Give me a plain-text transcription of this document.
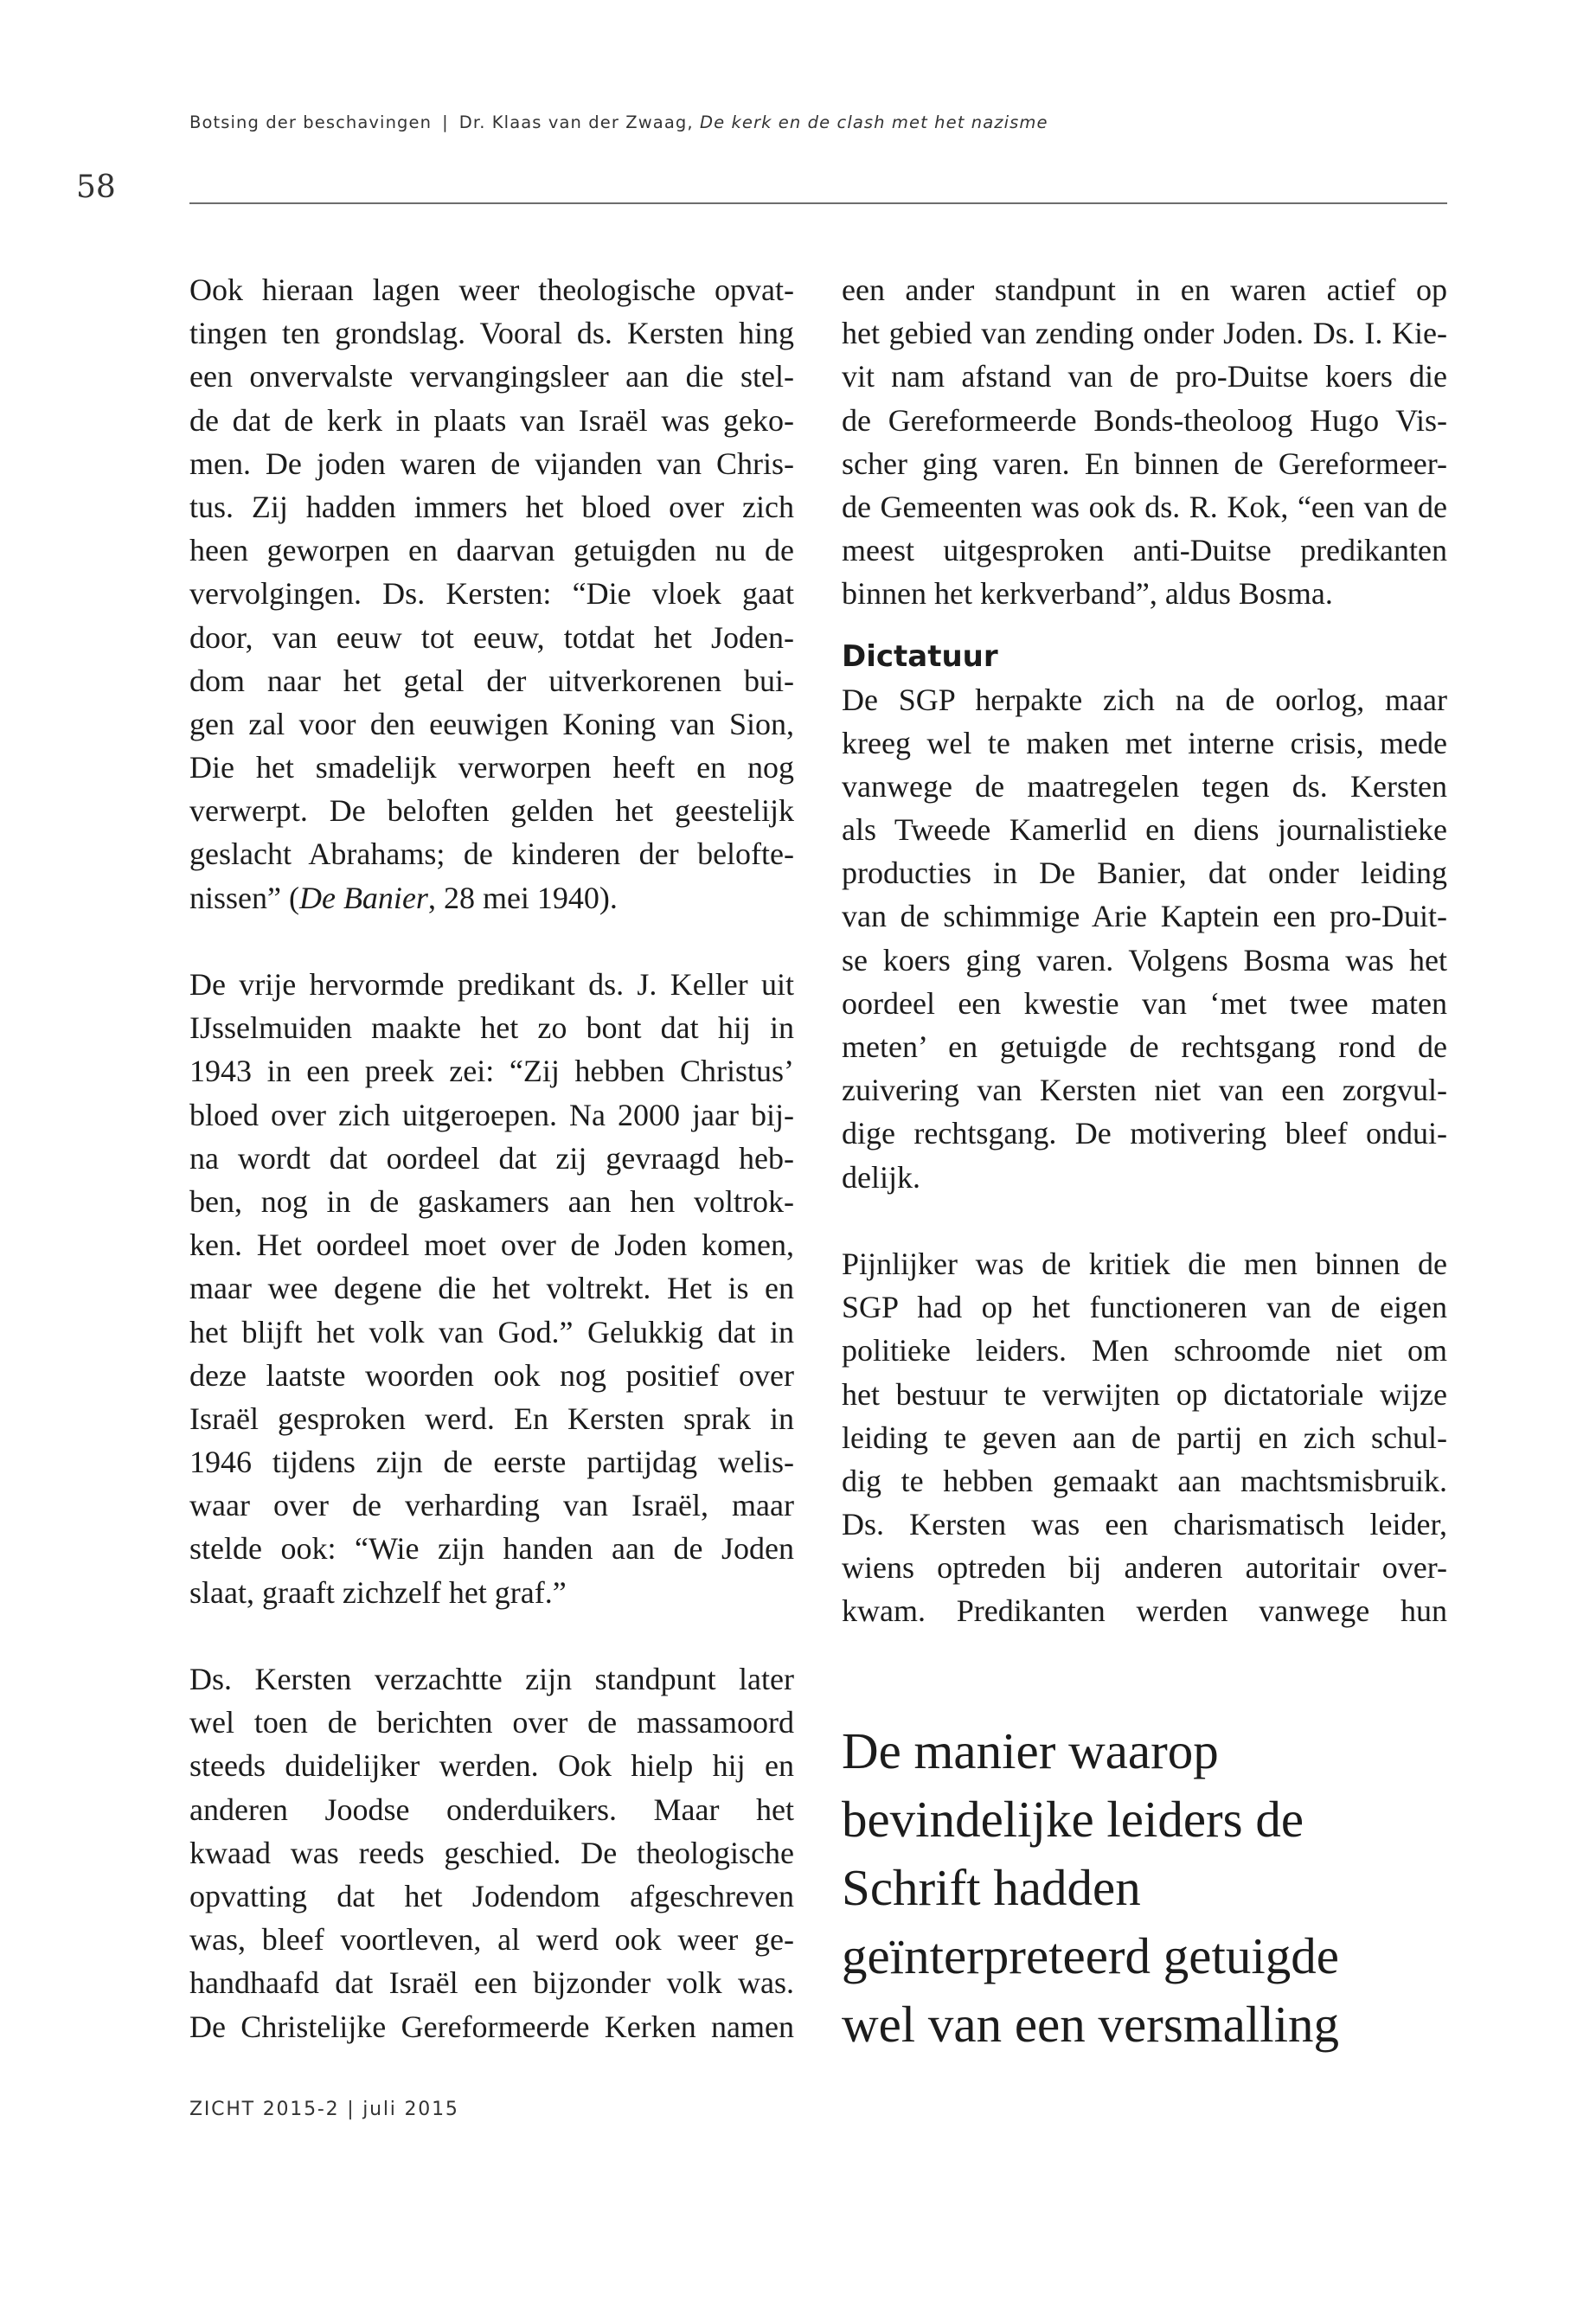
Botsing der beschavingen | Dr. Klaas van der Zwaag, De kerk en de clash met het nazisme
58
Ook hieraan lagen weer theologische opvat-
tingen ten grondslag. Vooral ds. Kersten hing
een onvervalste vervangingsleer aan die stel-
de dat de kerk in plaats van Israël was geko-
men. De joden waren de vijanden van Chris-
tus. Zij hadden immers het bloed over zich
heen geworpen en daarvan getuigden nu de
vervolgingen. Ds. Kersten: “Die vloek gaat
door, van eeuw tot eeuw, totdat het Joden-
dom naar het getal der uitverkorenen bui-
gen zal voor den eeuwigen Koning van Sion,
Die het smadelijk verworpen heeft en nog
verwerpt. De beloften gelden het geestelijk
geslacht Abrahams; de kinderen der belofte-
nissen” (De Banier, 28 mei 1940).
De vrije hervormde predikant ds. J. Keller uit
IJsselmuiden maakte het zo bont dat hij in
1943 in een preek zei: “Zij hebben Christus’
bloed over zich uitgeroepen. Na 2000 jaar bij-
na wordt dat oordeel dat zij gevraagd heb-
ben, nog in de gaskamers aan hen voltrok-
ken. Het oordeel moet over de Joden komen,
maar wee degene die het voltrekt. Het is en
het blijft het volk van God.” Gelukkig dat in
deze laatste woorden ook nog positief over
Israël gesproken werd. En Kersten sprak in
1946 tijdens zijn de eerste partijdag welis-
waar over de verharding van Israël, maar
stelde ook: “Wie zijn handen aan de Joden
slaat, graaft zichzelf het graf.”
Ds. Kersten verzachtte zijn standpunt later
wel toen de berichten over de massamoord
steeds duidelijker werden. Ook hielp hij en
anderen Joodse onderduikers. Maar het
kwaad was reeds geschied. De theologische
opvatting dat het Jodendom afgeschreven
was, bleef voortleven, al werd ook weer ge-
handhaafd dat Israël een bijzonder volk was.
De Christelijke Gereformeerde Kerken namen
een ander standpunt in en waren actief op
het gebied van zending onder Joden. Ds. I. Kie-
vit nam afstand van de pro-Duitse koers die
de Gereformeerde Bonds-theoloog Hugo Vis-
scher ging varen. En binnen de Gereformeer-
de Gemeenten was ook ds. R. Kok, “een van de
meest uitgesproken anti-Duitse predikanten
binnen het kerkverband”, aldus Bosma.
Dictatuur
De SGP herpakte zich na de oorlog, maar
kreeg wel te maken met interne crisis, mede
vanwege de maatregelen tegen ds. Kersten
als Tweede Kamerlid en diens journalistieke
producties in De Banier, dat onder leiding
van de schimmige Arie Kaptein een pro-Duit-
se koers ging varen. Volgens Bosma was het
oordeel een kwestie van ‘met twee maten
meten’ en getuigde de rechtsgang rond de
zuivering van Kersten niet van een zorgvul-
dige rechtsgang. De motivering bleef ondui-
delijk.
Pijnlijker was de kritiek die men binnen de
SGP had op het functioneren van de eigen
politieke leiders. Men schroomde niet om
het bestuur te verwijten op dictatoriale wijze
leiding te geven aan de partij en zich schul-
dig te hebben gemaakt aan machtsmisbruik.
Ds. Kersten was een charismatisch leider,
wiens optreden bij anderen autoritair over-
kwam. Predikanten werden vanwege hun
De manier waarop
bevindelijke leiders de
Schrift hadden
geïnterpreteerd getuigde
wel van een versmalling
ZICHT 2015-2 | juli 2015
